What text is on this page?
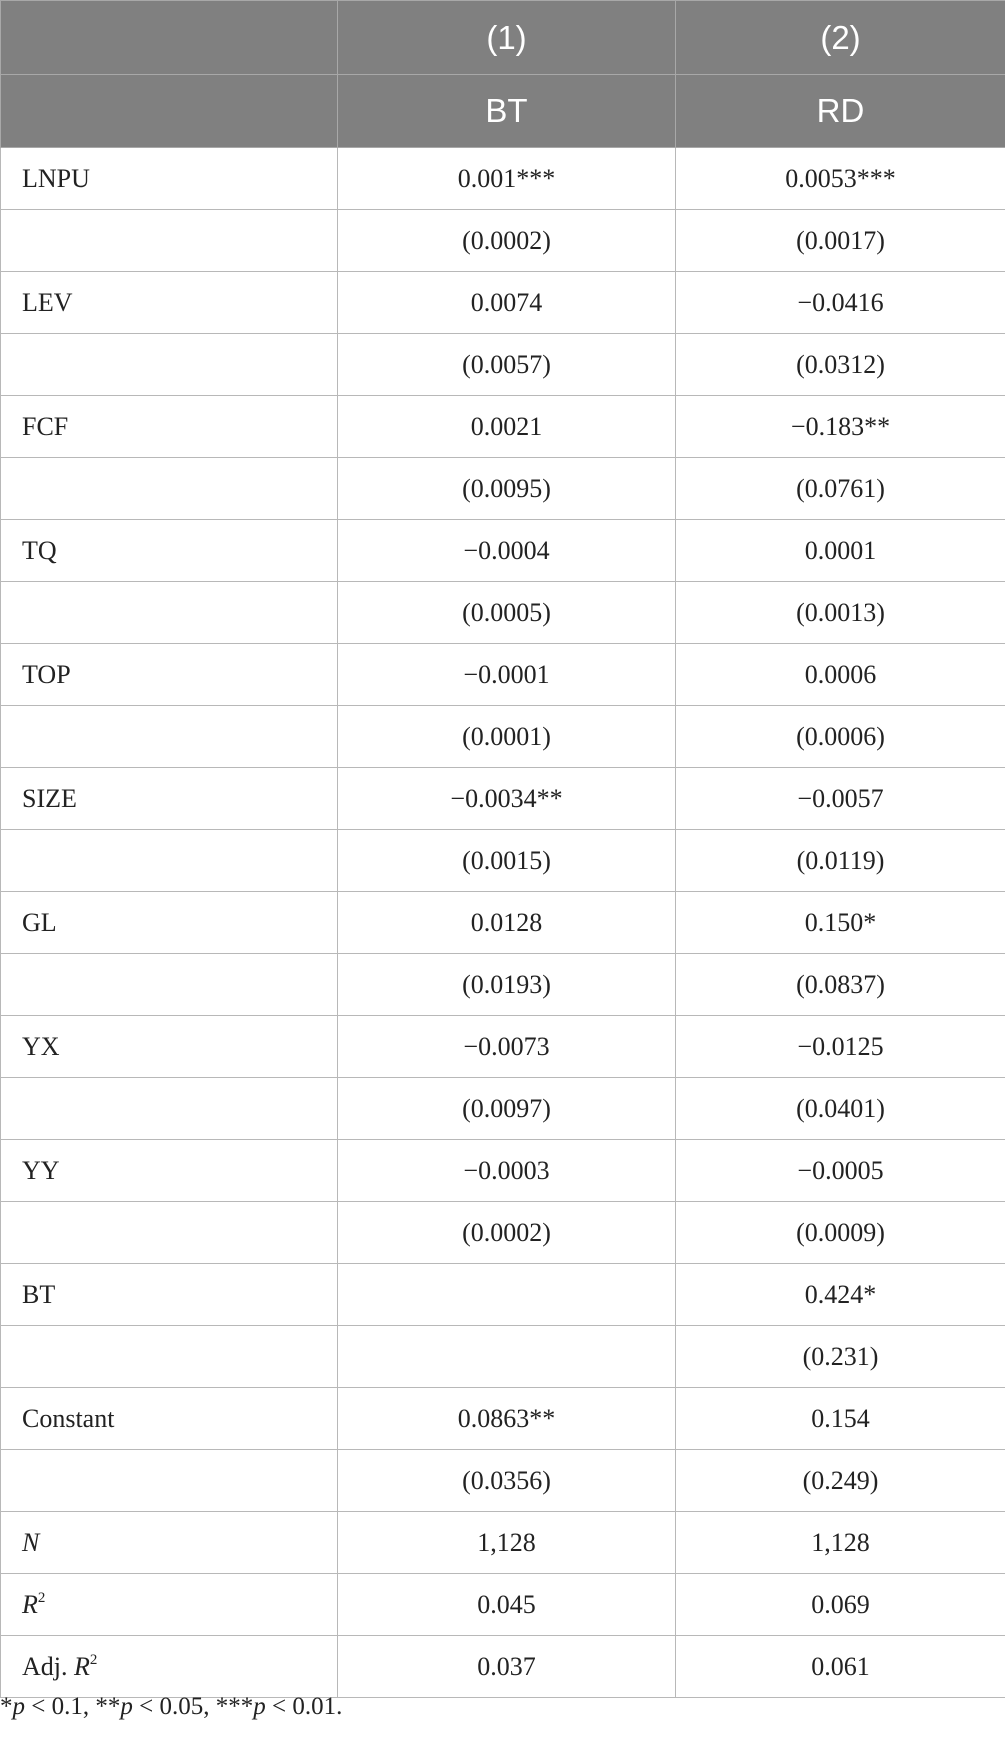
	(1)	(2)
	BT	RD
LNPU	0.001***	0.0053***
	(0.0002)	(0.0017)
LEV	0.0074	−0.0416
	(0.0057)	(0.0312)
FCF	0.0021	−0.183**
	(0.0095)	(0.0761)
TQ	−0.0004	0.0001
	(0.0005)	(0.0013)
TOP	−0.0001	0.0006
	(0.0001)	(0.0006)
SIZE	−0.0034**	−0.0057
	(0.0015)	(0.0119)
GL	0.0128	0.150*
	(0.0193)	(0.0837)
YX	−0.0073	−0.0125
	(0.0097)	(0.0401)
YY	−0.0003	−0.0005
	(0.0002)	(0.0009)
BT		0.424*
		(0.231)
Constant	0.0863**	0.154
	(0.0356)	(0.249)
N	1,128	1,128
$R^2$	0.045	0.069
Adj. $R^2$	0.037	0.061
*p < 0.1, **p < 0.05, ***p < 0.01.
